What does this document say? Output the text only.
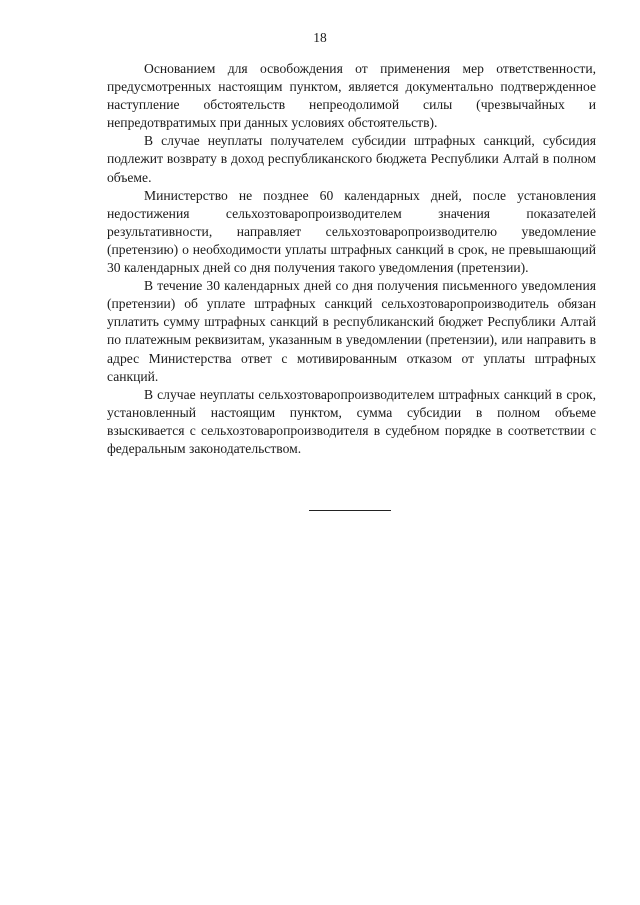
18

Основанием для освобождения от применения мер ответственности, предусмотренных настоящим пунктом, является документально подтвержденное наступление обстоятельств непреодолимой силы (чрезвычайных и непредотвратимых при данных условиях обстоятельств).

В случае неуплаты получателем субсидии штрафных санкций, субсидия подлежит возврату в доход республиканского бюджета Республики Алтай в полном объеме.

Министерство не позднее 60 календарных дней, после установления недостижения сельхозтоваропроизводителем значения показателей результативности, направляет сельхозтоваропроизводителю уведомление (претензию) о необходимости уплаты штрафных санкций в срок, не превышающий 30 календарных дней со дня получения такого уведомления (претензии).

В течение 30 календарных дней со дня получения письменного уведомления (претензии) об уплате штрафных санкций сельхозтоваропроизводитель обязан уплатить сумму штрафных санкций в республиканский бюджет Республики Алтай по платежным реквизитам, указанным в уведомлении (претензии), или направить в адрес Министерства ответ с мотивированным отказом от уплаты штрафных санкций.

В случае неуплаты сельхозтоваропроизводителем штрафных санкций в срок, установленный настоящим пунктом, сумма субсидии в полном объеме взыскивается с сельхозтоваропроизводителя в судебном порядке в соответствии с федеральным законодательством.
